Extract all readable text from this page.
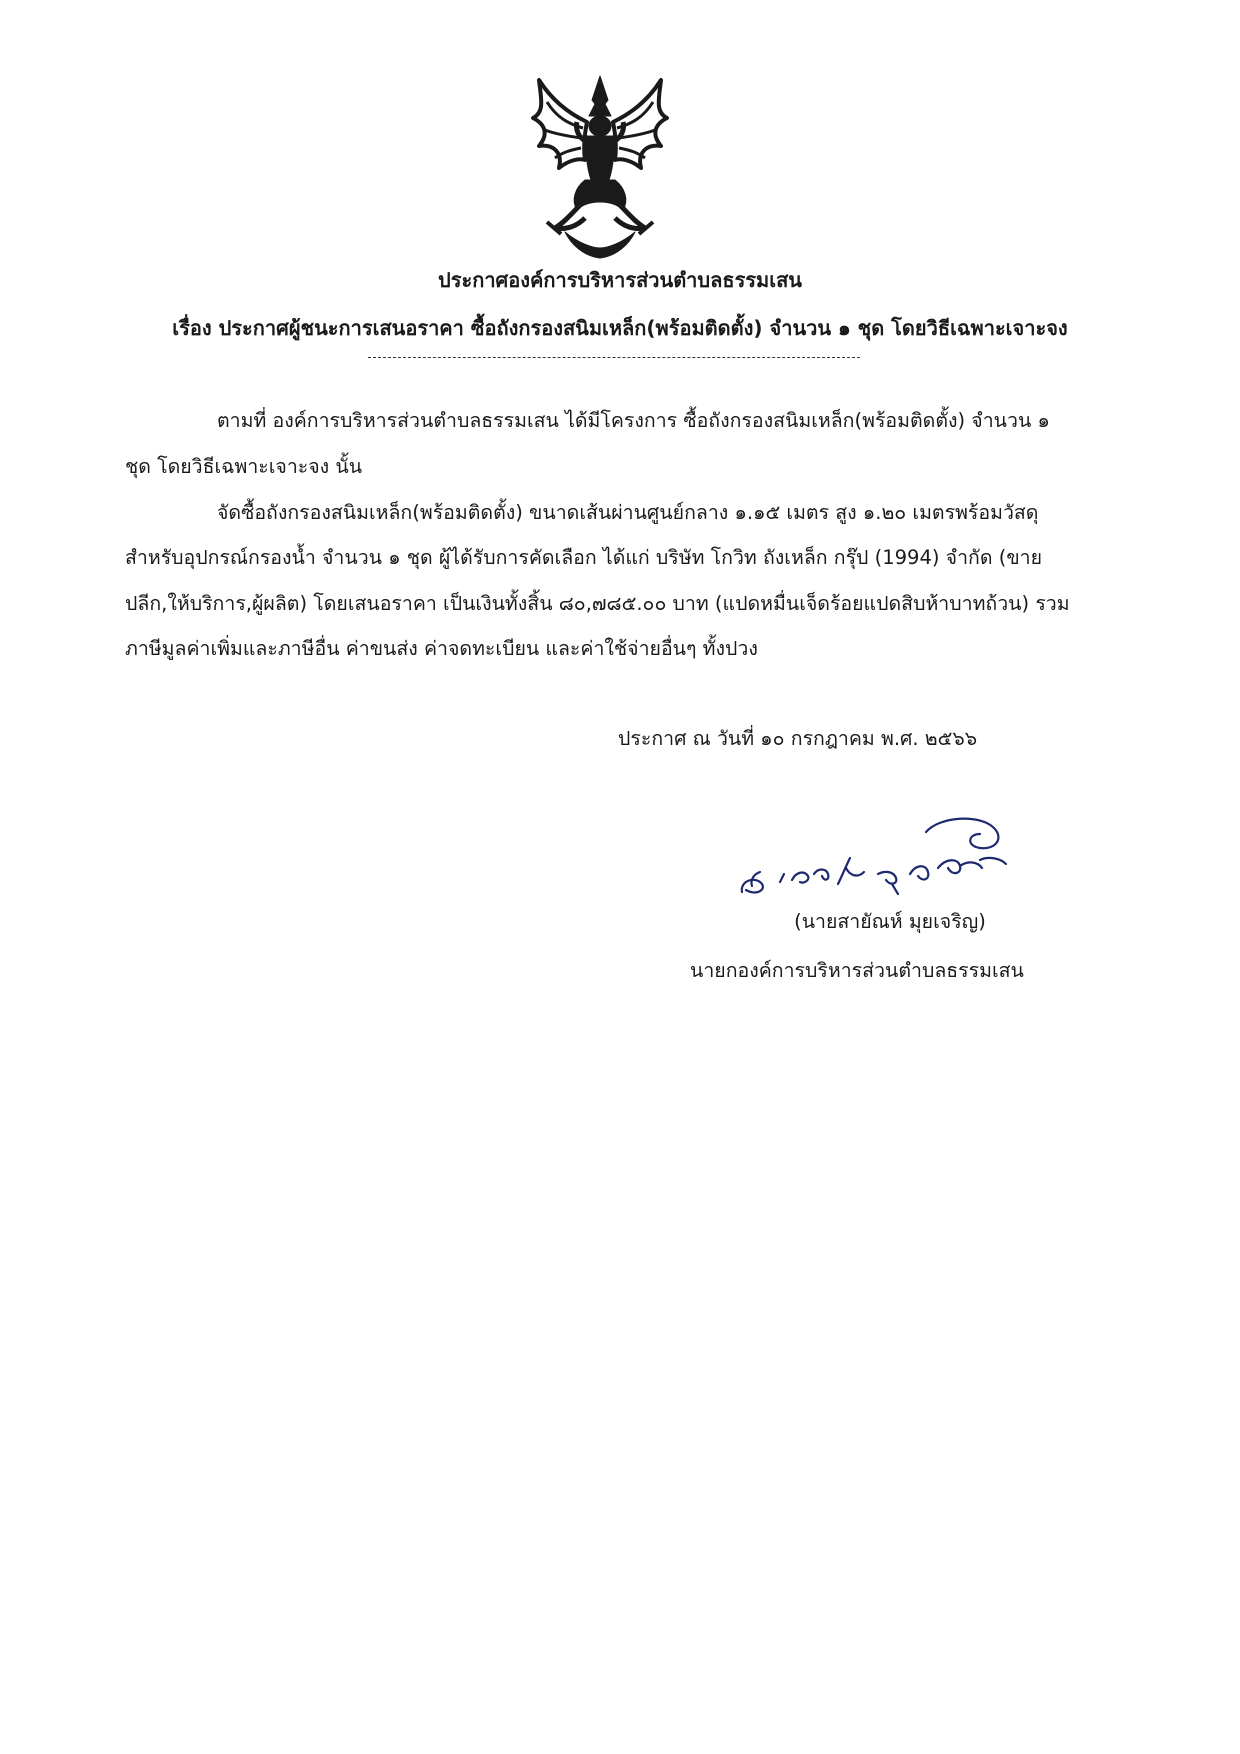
ประกาศองค์การบริหารส่วนตำบลธรรมเสน
เรื่อง ประกาศผู้ชนะการเสนอราคา ซื้อถังกรองสนิมเหล็ก(พร้อมติดตั้ง) จำนวน ๑ ชุด โดยวิธีเฉพาะเจาะจง
ตามที่ องค์การบริหารส่วนตำบลธรรมเสน ได้มีโครงการ ซื้อถังกรองสนิมเหล็ก(พร้อมติดตั้ง) จำนวน ๑
ชุด โดยวิธีเฉพาะเจาะจง นั้น
จัดซื้อถังกรองสนิมเหล็ก(พร้อมติดตั้ง) ขนาดเส้นผ่านศูนย์กลาง ๑.๑๕ เมตร สูง ๑.๒๐ เมตรพร้อมวัสดุ
สำหรับอุปกรณ์กรองน้ำ จำนวน ๑ ชุด ผู้ได้รับการคัดเลือก ได้แก่ บริษัท โกวิท ถังเหล็ก กรุ๊ป (1994) จำกัด (ขาย
ปลีก,ให้บริการ,ผู้ผลิต) โดยเสนอราคา เป็นเงินทั้งสิ้น ๘๐,๗๘๕.๐๐ บาท (แปดหมื่นเจ็ดร้อยแปดสิบห้าบาทถ้วน) รวม
ภาษีมูลค่าเพิ่มและภาษีอื่น ค่าขนส่ง ค่าจดทะเบียน และค่าใช้จ่ายอื่นๆ ทั้งปวง
ประกาศ ณ วันที่ ๑๐ กรกฎาคม พ.ศ. ๒๕๖๖
(นายสายัณห์ มุยเจริญ)
นายกองค์การบริหารส่วนตำบลธรรมเสน
